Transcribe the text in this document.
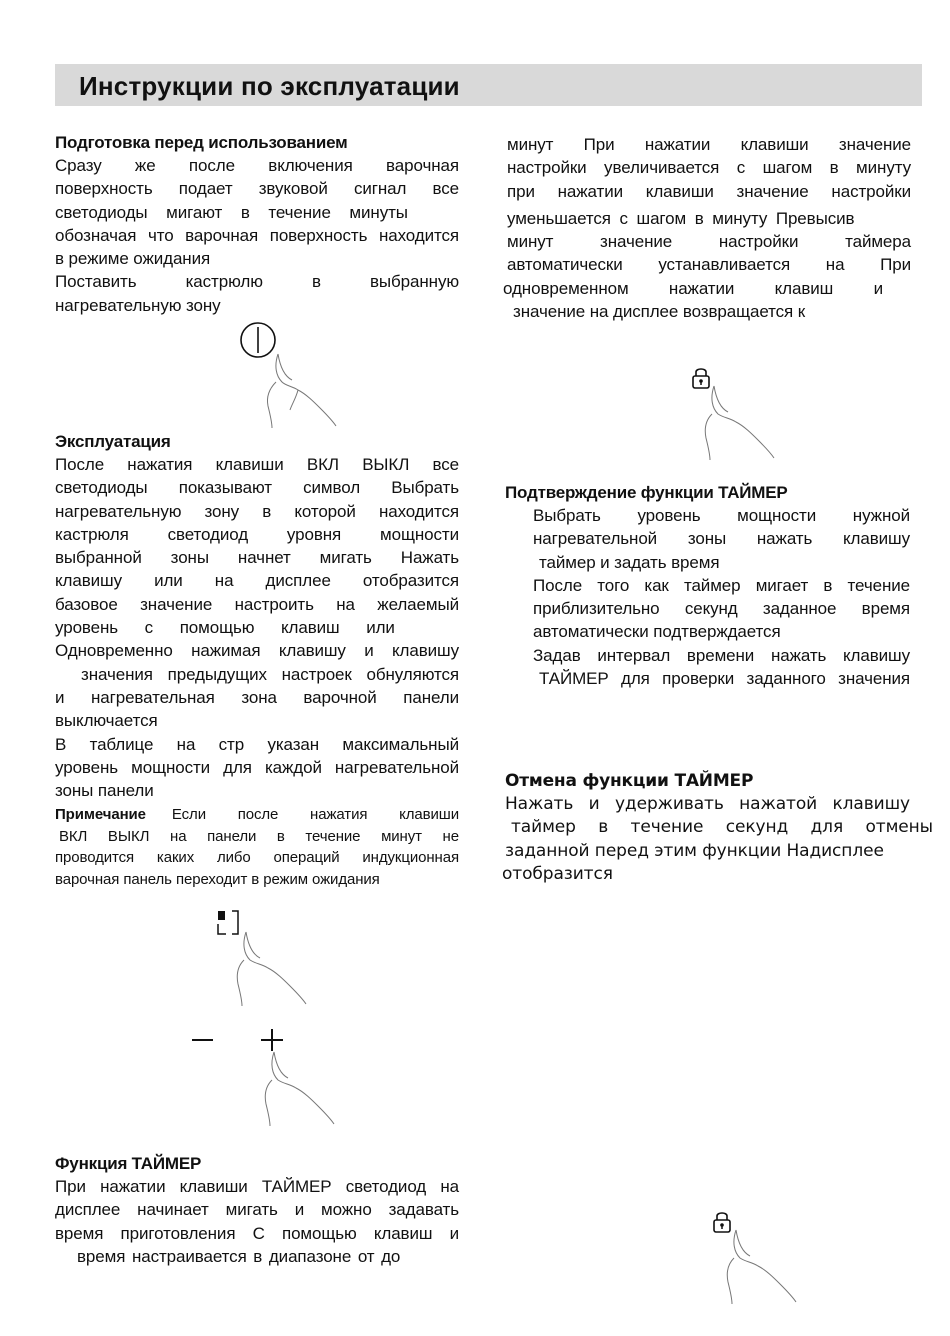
Инструкции по эксплуатации

Подготовка перед использованием

Сразу же после включения варочная

поверхность подает звуковой сигнал все

светодиоды мигают в течение минуты

обозначая что варочная поверхность находится

в режиме ожидания

Поставить кастрюлю в выбранную

нагревательную зону

Эксплуатация

После нажатия клавиши ВКЛ ВЫКЛ все

светодиоды показывают символ Выбрать

нагревательную зону в которой находится

кастрюля светодиод уровня мощности

выбранной зоны начнет мигать Нажать

клавишу или на дисплее отобразится

базовое значение настроить на желаемый

уровень с помощью клавиш или

Одновременно нажимая клавишу и клавишу

значения предыдущих настроек обнуляются

и нагревательная зона варочной панели

выключается

В таблице на стр указан максимальный

уровень мощности для каждой нагревательной

зоны панели

Примечание Если после нажатия клавиши

ВКЛ ВЫКЛ на панели в течение минут не

проводится каких либо операций индукционная

варочная панель переходит в режим ожидания

Функция ТАЙМЕР

При нажатии клавиши ТАЙМЕР светодиод на

дисплее начинает мигать и можно задавать

время приготовления С помощью клавиш и

время настраивается в диапазоне от до

минут При нажатии клавиши значение

настройки увеличивается с шагом в минуту

при нажатии клавиши значение настройки

уменьшается с шагом в минуту Превысив

минут значение настройки таймера

автоматически устанавливается на При

одновременном нажатии клавиш и

значение на дисплее возвращается к

Подтверждение функции ТАЙМЕР

Выбрать уровень мощности нужной

нагревательной зоны нажать клавишу

таймер и задать время

После того как таймер мигает в течение

приблизительно секунд заданное время

автоматически подтверждается

Задав интервал времени нажать клавишу

ТАЙМЕР для проверки заданного значения

Отмена функции ТАЙМЕР

Нажать и удерживать нажатой клавишу

таймер в течение секунд для отмены

заданной перед этим функции Надисплее

отобразится
